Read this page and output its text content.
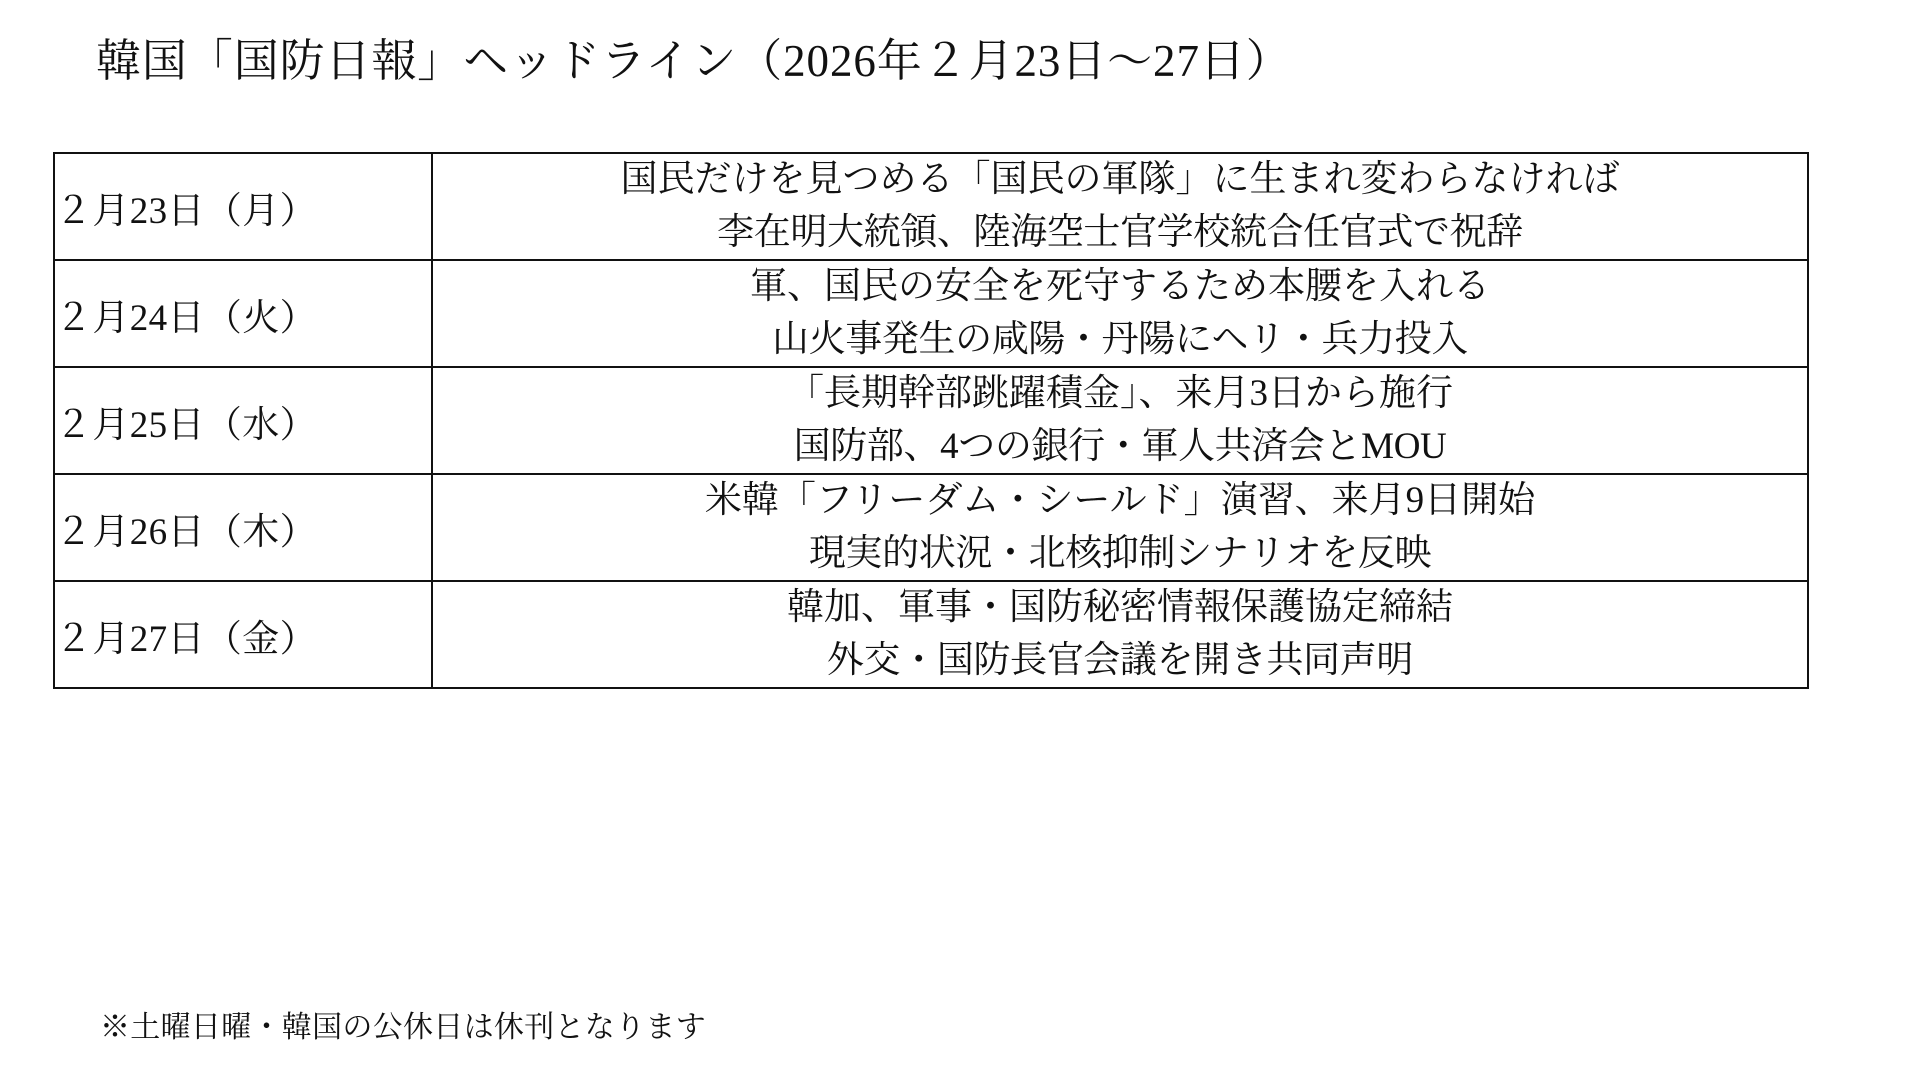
韓国「国防日報」ヘッドライン（2026年２月23日～27日）
２月23日（月）	国民だけを見つめる「国民の軍隊」に生まれ変わらなければ
李在明大統領、陸海空士官学校統合任官式で祝辞

２月24日（火）	軍、国民の安全を死守するため本腰を入れる
山火事発生の咸陽・丹陽にヘリ・兵力投入

２月25日（水）	「長期幹部跳躍積金」、来月3日から施行
国防部、4つの銀行・軍人共済会とMOU

２月26日（木）	米韓「フリーダム・シールド」演習、来月9日開始
現実的状況・北核抑制シナリオを反映

２月27日（金）	韓加、軍事・国防秘密情報保護協定締結
外交・国防長官会議を開き共同声明
※土曜日曜・韓国の公休日は休刊となります
